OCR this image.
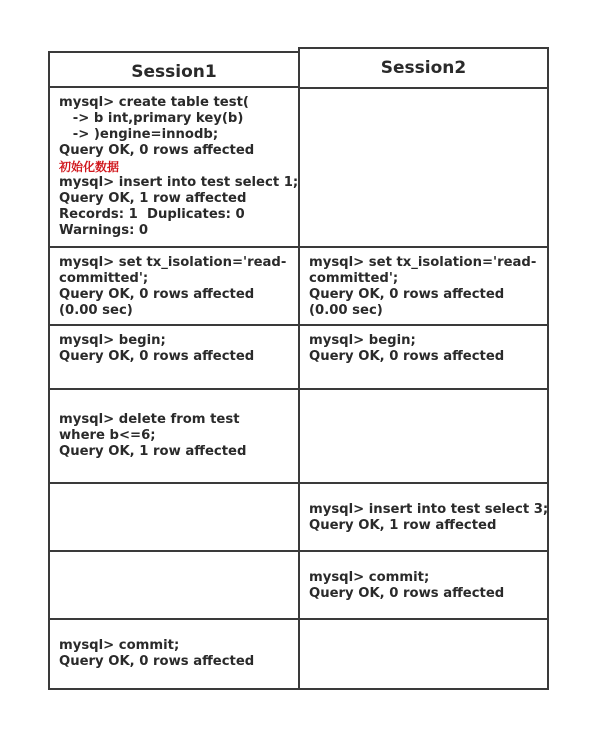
Session1	Session2
mysql> create table test(
-> b int,primary key(b)
-> )engine=innodb;
Query OK, 0 rows affected
初始化数据
mysql> insert into test select 1;
Query OK, 1 row affected
Records: 1  Duplicates: 0
Warnings: 0
mysql> set tx_isolation='read-committed';
Query OK, 0 rows affected (0.00 sec)
mysql> set tx_isolation='read-committed';
Query OK, 0 rows affected (0.00 sec)
mysql> begin;
Query OK, 0 rows affected
mysql> begin;
Query OK, 0 rows affected
mysql> delete from test where b<=6;
Query OK, 1 row affected
mysql> insert into test select 3;
Query OK, 1 row affected
mysql> commit;
Query OK, 0 rows affected
mysql> commit;
Query OK, 0 rows affected
